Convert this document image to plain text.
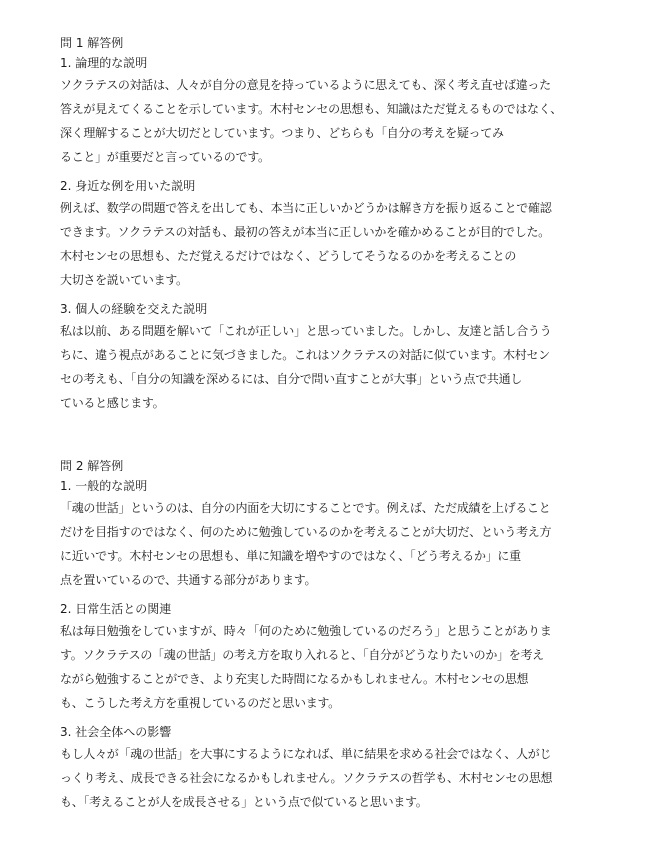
問 1 解答例

1. 論理的な説明

ソクラテスの対話は、人々が自分の意見を持っているように思えても、深く考え直せば違った

答えが見えてくることを示しています。木村センセの思想も、知識はただ覚えるものではなく、

深く理解することが大切だとしています。つまり、どちらも「自分の考えを疑ってみ

ること」が重要だと言っているのです。

2. 身近な例を用いた説明

例えば、数学の問題で答えを出しても、本当に正しいかどうかは解き方を振り返ることで確認

できます。ソクラテスの対話も、最初の答えが本当に正しいかを確かめることが目的でした。

木村センセの思想も、ただ覚えるだけではなく、どうしてそうなるのかを考えることの

大切さを説いています。

3. 個人の経験を交えた説明

私は以前、ある問題を解いて「これが正しい」と思っていました。しかし、友達と話し合うう

ちに、違う視点があることに気づきました。これはソクラテスの対話に似ています。木村セン

セの考えも、「自分の知識を深めるには、自分で問い直すことが大事」という点で共通し

ていると感じます。

問 2 解答例

1. 一般的な説明

「魂の世話」というのは、自分の内面を大切にすることです。例えば、ただ成績を上げること

だけを目指すのではなく、何のために勉強しているのかを考えることが大切だ、という考え方

に近いです。木村センセの思想も、単に知識を増やすのではなく、「どう考えるか」に重

点を置いているので、共通する部分があります。

2. 日常生活との関連

私は毎日勉強をしていますが、時々「何のために勉強しているのだろう」と思うことがありま

す。ソクラテスの「魂の世話」の考え方を取り入れると、「自分がどうなりたいのか」を考え

ながら勉強することができ、より充実した時間になるかもしれません。木村センセの思想

も、こうした考え方を重視しているのだと思います。

3. 社会全体への影響

もし人々が「魂の世話」を大事にするようになれば、単に結果を求める社会ではなく、人がじ

っくり考え、成長できる社会になるかもしれません。ソクラテスの哲学も、木村センセの思想

も、「考えることが人を成長させる」という点で似ていると思います。
